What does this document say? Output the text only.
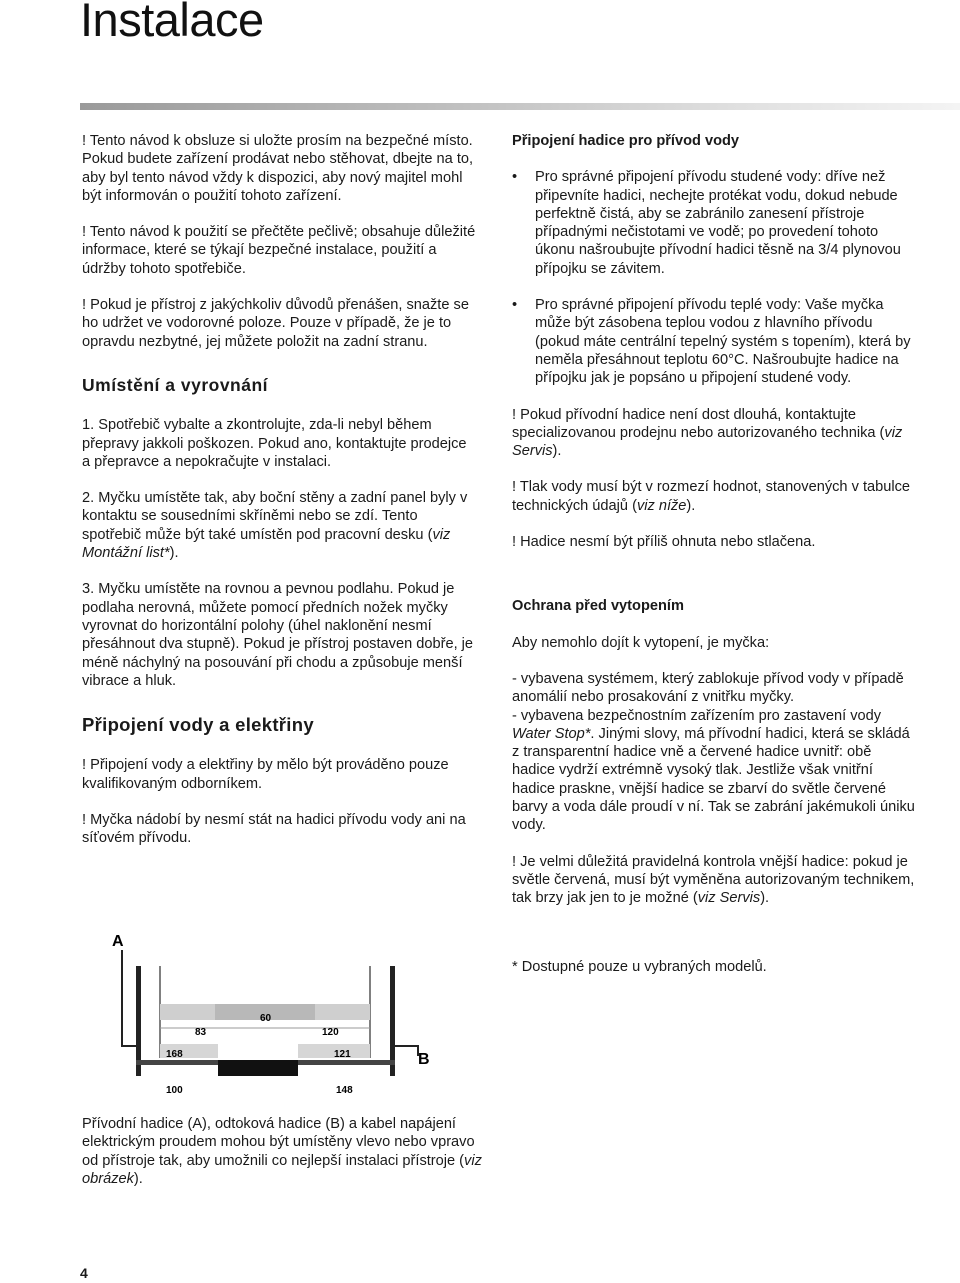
Instalace

! Tento návod k obsluze si uložte prosím na bezpečné místo. Pokud budete zařízení prodávat nebo stěhovat, dbejte na to, aby byl tento návod vždy k dispozici, aby nový majitel mohl být informován o použití tohoto zařízení.

! Tento návod k použití se přečtěte pečlivě; obsahuje důležité informace, které se týkají bezpečné instalace, použití a údržby tohoto spotřebiče.

! Pokud je přístroj z jakýchkoliv důvodů přenášen, snažte se ho udržet ve vodorovné poloze. Pouze v případě, že je to opravdu nezbytné, jej můžete položit na zadní stranu.

Umístění a vyrovnání

1. Spotřebič vybalte a zkontrolujte, zda-li nebyl během přepravy jakkoli poškozen. Pokud ano, kontaktujte prodejce a přepravce a nepokračujte v instalaci.

2. Myčku umístěte tak, aby boční stěny a zadní panel byly v kontaktu se sousedními skříněmi nebo se zdí. Tento spotřebič může být také umístěn pod pracovní desku (viz Montážní list*).

3. Myčku umístěte na rovnou a pevnou podlahu. Pokud je podlaha nerovná, můžete pomocí předních nožek myčky vyrovnat do horizontální polohy (úhel naklonění nesmí přesáhnout dva stupně). Pokud je přístroj postaven dobře, je méně náchylný na posouvání při chodu a způsobuje menší vibrace a hluk.

Připojení vody a elektřiny

! Připojení vody a elektřiny by mělo být prováděno pouze kvalifikovaným odborníkem.

! Myčka nádobí by nesmí stát na hadici přívodu vody ani na síťovém přívodu.

A
B
60
83	120
168	121
100	148

Přívodní hadice (A), odtoková hadice (B) a kabel napájení elektrickým proudem mohou být umístěny vlevo nebo vpravo od přístroje tak, aby umožnili co nejlepší instalaci přístroje (viz obrázek).

Připojení hadice pro přívod vody

• Pro správné připojení přívodu studené vody: dříve než připevníte hadici, nechejte protékat vodu, dokud nebude perfektně čistá, aby se zabránilo zanesení přístroje případnými nečistotami ve vodě; po provedení tohoto úkonu našroubujte přívodní hadici těsně na 3/4 plynovou přípojku se závitem.

• Pro správné připojení přívodu teplé vody: Vaše myčka může být zásobena teplou vodou z hlavního přívodu (pokud máte centrální tepelný systém s topením), která by neměla přesáhnout teplotu 60°C. Našroubujte hadice na přípojku jak je popsáno u připojení studené vody.

! Pokud přívodní hadice není dost dlouhá, kontaktujte specializovanou prodejnu nebo autorizovaného technika (viz Servis).

! Tlak vody musí být v rozmezí hodnot, stanovených v tabulce technických údajů (viz níže).

! Hadice nesmí být příliš ohnuta nebo stlačena.

Ochrana před vytopením

Aby nemohlo dojít k vytopení, je myčka:

- vybavena systémem, který zablokuje přívod vody v případě anomálií nebo prosakování z vnitřku myčky.

- vybavena bezpečnostním zařízením pro zastavení vody Water Stop*. Jinými slovy, má přívodní hadici, která se skládá z transparentní hadice vně a červené hadice uvnitř: obě hadice vydrží extrémně vysoký tlak. Jestliže však vnitřní hadice praskne, vnější hadice se zbarví do světle červené barvy a voda dále proudí v ní. Tak se zabrání jakémukoli úniku vody.

! Je velmi důležitá pravidelná kontrola vnější hadice: pokud je světle červená, musí být vyměněna autorizovaným technikem, tak brzy jak jen to je možné (viz Servis).

* Dostupné pouze u vybraných modelů.

4
